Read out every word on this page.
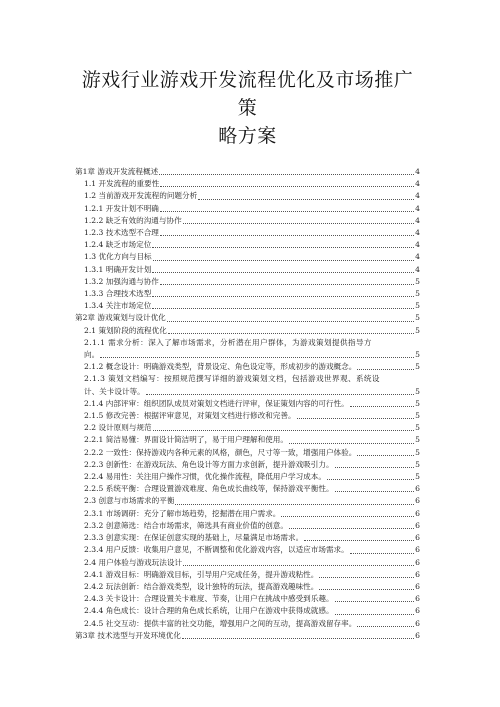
游戏行业游戏开发流程优化及市场推广策
略方案
第1章 游戏开发流程概述	4
1.1 开发流程的重要性	4
1.2 当前游戏开发流程的问题分析	4
1.2.1 开发计划不明确	4
1.2.2 缺乏有效的沟通与协作	4
1.2.3 技术选型不合理	4
1.2.4 缺乏市场定位	4
1.3 优化方向与目标	4
1.3.1 明确开发计划	4
1.3.2 加强沟通与协作	5
1.3.3 合理技术选型	5
1.3.4 关注市场定位	5
第2章 游戏策划与设计优化	5
2.1 策划阶段的流程优化	5
2.1.1 需求分析：深入了解市场需求，分析潜在用户群体，为游戏策划提供指导方
向。	5
2.1.2 概念设计：明确游戏类型，背景设定、角色设定等，形成初步的游戏概念。	5
2.1.3 策划文档编写：按照规范撰写详细的游戏策划文档，包括游戏世界观、系统设
计、关卡设计等。	5
2.1.4 内部评审：组织团队成员对策划文档进行评审，保证策划内容的可行性。	5
2.1.5 修改完善：根据评审意见，对策划文档进行修改和完善。	5
2.2 设计原则与规范	5
2.2.1 简洁易懂：界面设计简洁明了，易于用户理解和使用。	5
2.2.2 一致性：保持游戏内各种元素的风格，颜色，尺寸等一致，增强用户体验。	5
2.2.3 创新性：在游戏玩法、角色设计等方面力求创新，提升游戏吸引力。	5
2.2.4 易用性：关注用户操作习惯，优化操作流程，降低用户学习成本。	5
2.2.5 系统平衡：合理设置游戏难度、角色成长曲线等，保持游戏平衡性。	6
2.3 创意与市场需求的平衡	6
2.3.1 市场调研：充分了解市场趋势，挖掘潜在用户需求。	6
2.3.2 创意筛选：结合市场需求，筛选具有商业价值的创意。	6
2.3.3 创意实现：在保证创意实现的基础上，尽量满足市场需求。	6
2.3.4 用户反馈：收集用户意见，不断调整和优化游戏内容，以适应市场需求。	6
2.4 用户体验与游戏玩法设计	6
2.4.1 游戏目标：明确游戏目标，引导用户完成任务，提升游戏粘性。	6
2.4.2 玩法创新：结合游戏类型，设计独特的玩法，提高游戏趣味性。	6
2.4.3 关卡设计：合理设置关卡难度、节奏，让用户在挑战中感受到乐趣。	6
2.4.4 角色成长：设计合理的角色成长系统，让用户在游戏中获得成就感。	6
2.4.5 社交互动：提供丰富的社交功能，增强用户之间的互动，提高游戏留存率。	6
第3章 技术选型与开发环境优化	6
